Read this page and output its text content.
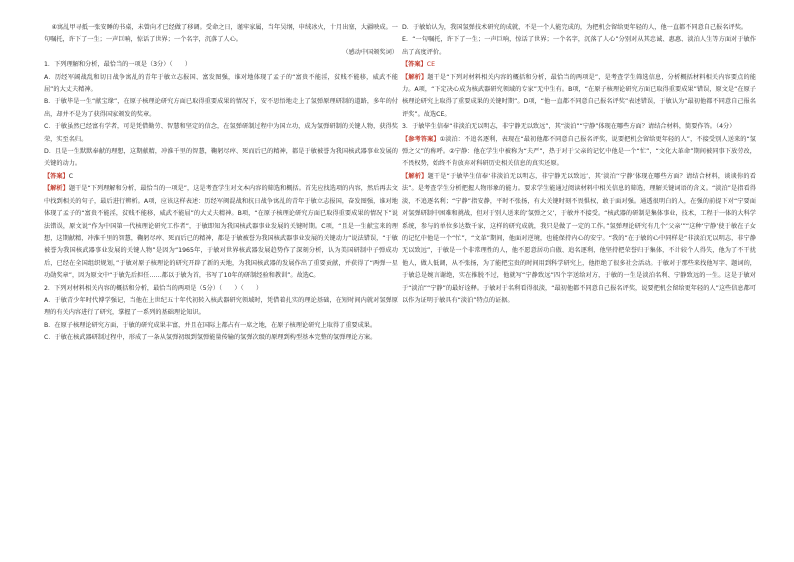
④寓乩甲寻抵一张安睡的书桌，未曾向才已经做了移调。受命之日，谨牢家属，当年吴纲，申绒冰火，十月出塞，大疆映成。一句嘱托，许下了一生；一声巨响，惊话了世界；一个名字，沉落了人心。

（感动中国颁奖词）

1．下列理解和分析，最恰当的一项是（3分）（　　）

A．历经军阔战乱和切日战争寓乩的青年于敏立志报国、富发图强，谁对地体现了孟子的“富贵不能淫，贫贱不能移，威武不能屈”的大丈夫精神。

B．于敏毕是一生“献宝缘”，在原子核理论研究方面已取得重要成果的情况下，安不思悟地走上了氢弹原理研制的道路，多年的付出，却并不是为了获得国家颁发的奖章。

C．于敏虽然已经富有学者，可是凭借勤劳、智慧和坚定的信念，在氢弹研制过程中为国立功，成为氢弹研制的关键人物，获得奖荣，实至名归。

D．且是一生默默奉献的理想，这期献精，冲淮千里的智慧，鞠躬尽瘁、死而后已的精神，都是于敏被誉为我国核武器事业发展的关键的动力。

【答案】C

【解析】题干是“下列理解和分析，最恰当的一项是”，这是考查学生对文本内容的筛选和概括。首先应找选项的内容，然后再去文中找到相关的句子，最后进行辨析。A项，应该这样表述：历经军阀混战和抗日战争寓乩的青年于敏立志报国，奋发图强，谁对地体现了孟子的“富贵不能淫，贫贱不能移，威武不能屈”的大丈夫精神。B项，“在原子核理论研究方面已取得重要成果的情况下”说法错误，原文说“作为中国第一代核理论研究工作者”，于敏即知为我国核武器事业发展的关键时期。C项，“且是一生献宝来的理想，这期献精，冲淮千里的智慧，鞠躬尽瘁、死而后已的精神，都是于敏被誉为我国核武器事业发展的关键动力”说法错误，“于敏被誉为我国核武器事业发展的关键人物”是因为“1965年，于敏对世界核武器发展趋势作了深刻分析，认为美国研制中子弹成功后，已经在全国组织规划，”于敏对原子核理论的研究开辟了新的天地，为我国核武器的发展作出了重要贡献，并获得了“两弹一星功勋奖章”，因为原文中“于敏先后担任……都以于敏为首，书写了10年的研制经验和教训”。故选C。

2．下列对材料相关内容的概括和分析，最恰当的两项是（5分）（　　）（　　）

A．于敏青少年时代博学强记，当他在上世纪五十年代初转入核武器研究领域时，凭借着扎实的理论基础，在短时间内就对氢弹原理的有关内容进行了研究，掌握了一系列的基础理论知识。

B．在原子核理论研究方面，于敏的研究成果丰富，并且在国际上都占有一席之地，在原子核理论研究上取得了重要成果。

C．于敏在核武器研制过程中，形成了一条从氢弹初级到氢弹能量传输的氢弹次级的原理到构型基本完整的氢弹理论方案。

D．于敏始认为，我国氢弹技术研究的成就，不是一个人能完成的，为把机会留给更年轻的人，他一直都不同意自己报名评奖。

E．“一句嘱托，许下了一生；一声巨响，惊话了世界；一个名字，沉落了人心”分别对从其忠诚、惠惠、淡泊人生等方面对于敏作出了高度评价。

【答案】CE

【解析】题干是“下列对材料相关内容的概括和分析，最恰当的两项是”，是考查学生筛选信息，分析概括材料相关内容要点的能力。A项，“下定决心成为核武器研究领域的专家”无中生有。B项，“在原子核理论研究方面已取得重要成果”错误，原文是“在原子核理论研究上取得了重要成果的关键时期”。D项，“他一直都不同意自己报名评奖”表述错误，于敏认为“最初他都不同意自己报名评奖”。故选CE。

3．于敏毕生信奉“非淡泊无以明志，非宁静无以致远”，其“淡泊”“宁静”体现在哪些方面？请结合材料，简要作答。（4分）

【参考答案】①淡泊：不追名逐利，表现在“最初他都不同意自己报名评奖，说要把机会留给更年轻的人”，不接受别人送来的“氢弹之父”的称呼。②宁静：他在学生中被称为“夫严”，热于对于父亲的记忆中他是一个“忙”，“文化大革命”期间被同事下放劳改，不畏权势，始终不肯放弃对科研历史相关信息的真实还原。

【解析】题干是“于敏毕生信奉‘非淡泊无以明志，非宁静无以致远’，其‘淡泊’‘宁静’体现在哪些方面？请结合材料，谈谈你的看法”。是考查学生分析把握人物形象的能力。要求学生能通过阅读材料中相关信息的筛选，理解关键词语的含义。“淡泊”是指看得淡，不追逐名利；“宁静”指安静，平时不张扬，有大关键时刻不畏惧权，敢于面对强。通透很明白的人，在强的前提下对“宁要面对氢弹研制中困难和挑战，但对于别人送来的‘氢弹之父’，于敏并不接受。“核武器的研制是集体事业，技术，工程于一体的大科学系统，参与的单位多达数千家，这样的研究成就，我只是做了一定的工作。”氢弹理论研究有几个‘父亲’”“这种‘宁静’使于敏在子女的记忆中他是一个“忙”，“文革”期间，他面对逆境，也能保持内心的安宁。“我的”在于敏的心中同样是“非淡泊无以明志，非宁静无以致远”，于敏是一个非常理性的人，他不愿意居功自傲、追名逐利，他坚持把荣誉归于集体，不计较个人得失，他为了不干扰他人，做人低调，从不张扬，为了能把宝贵的时间用到科学研究上，他拒绝了很多社会活动。于敏对于那些来找他写字、题词的，于敏总是婉言谢绝，实在推脱不过，他就写“宁静致远”四个字送给对方，于敏的一生是淡泊名利、宁静致远的一生。这是于敏对于“淡泊”“宁静”的最好诠释。于敏对于名利看得很淡，“最初他都不同意自己报名评奖，说要把机会留给更年轻的人”这些信息都可以作为证明于敏具有“淡泊”特点的证据。
